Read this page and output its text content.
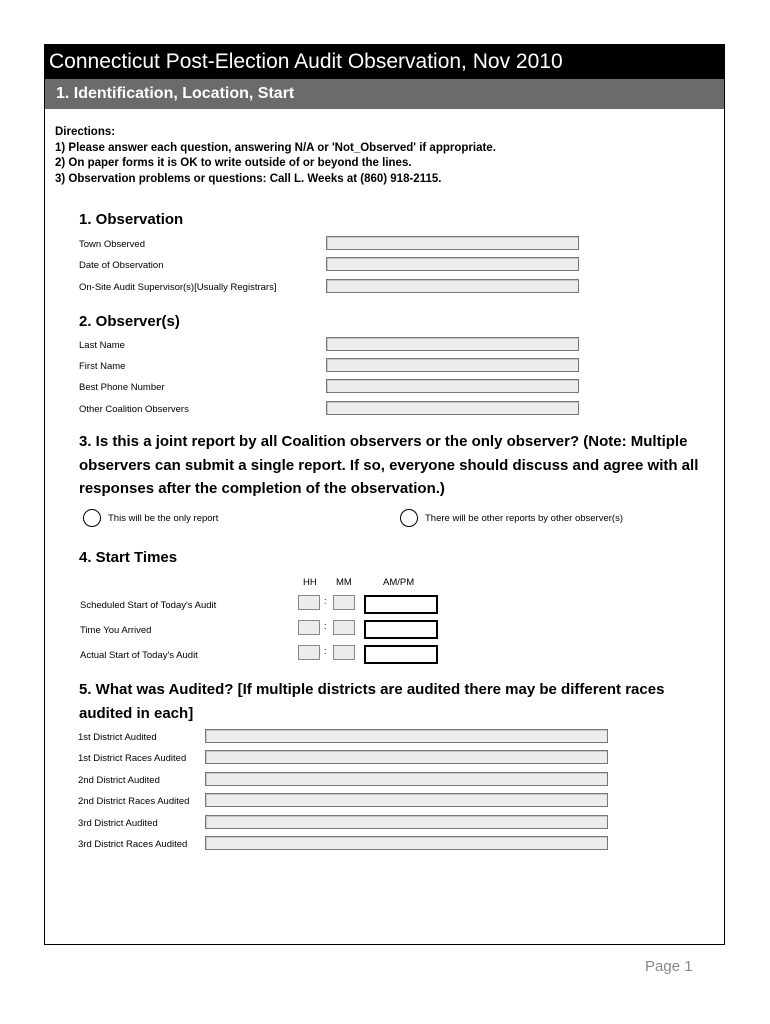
Connecticut Post-Election Audit Observation, Nov 2010
1. Identification, Location, Start
Directions:
1) Please answer each question, answering N/A or 'Not_Observed' if appropriate.
2) On paper forms it is OK to write outside of or beyond the lines.
3) Observation problems or questions: Call L. Weeks at (860) 918-2115.
1. Observation
Town Observed
Date of Observation
On-Site Audit Supervisor(s)[Usually Registrars]
2. Observer(s)
Last Name
First Name
Best Phone Number
Other Coalition Observers
3. Is this a joint report by all Coalition observers or the only observer? (Note: Multiple observers can submit a single report. If so, everyone should discuss and agree with all responses after the completion of the observation.)
This will be the only report	There will be other reports by other observer(s)
4. Start Times
HH MM	AM/PM
Scheduled Start of Today's Audit	:
Time You Arrived	:
Actual Start of Today's Audit	:
5. What was Audited? [If multiple districts are audited there may be different races audited in each]
1st District Audited
1st District Races Audited
2nd District Audited
2nd District Races Audited
3rd District Audited
3rd District Races Audited
Page 1
